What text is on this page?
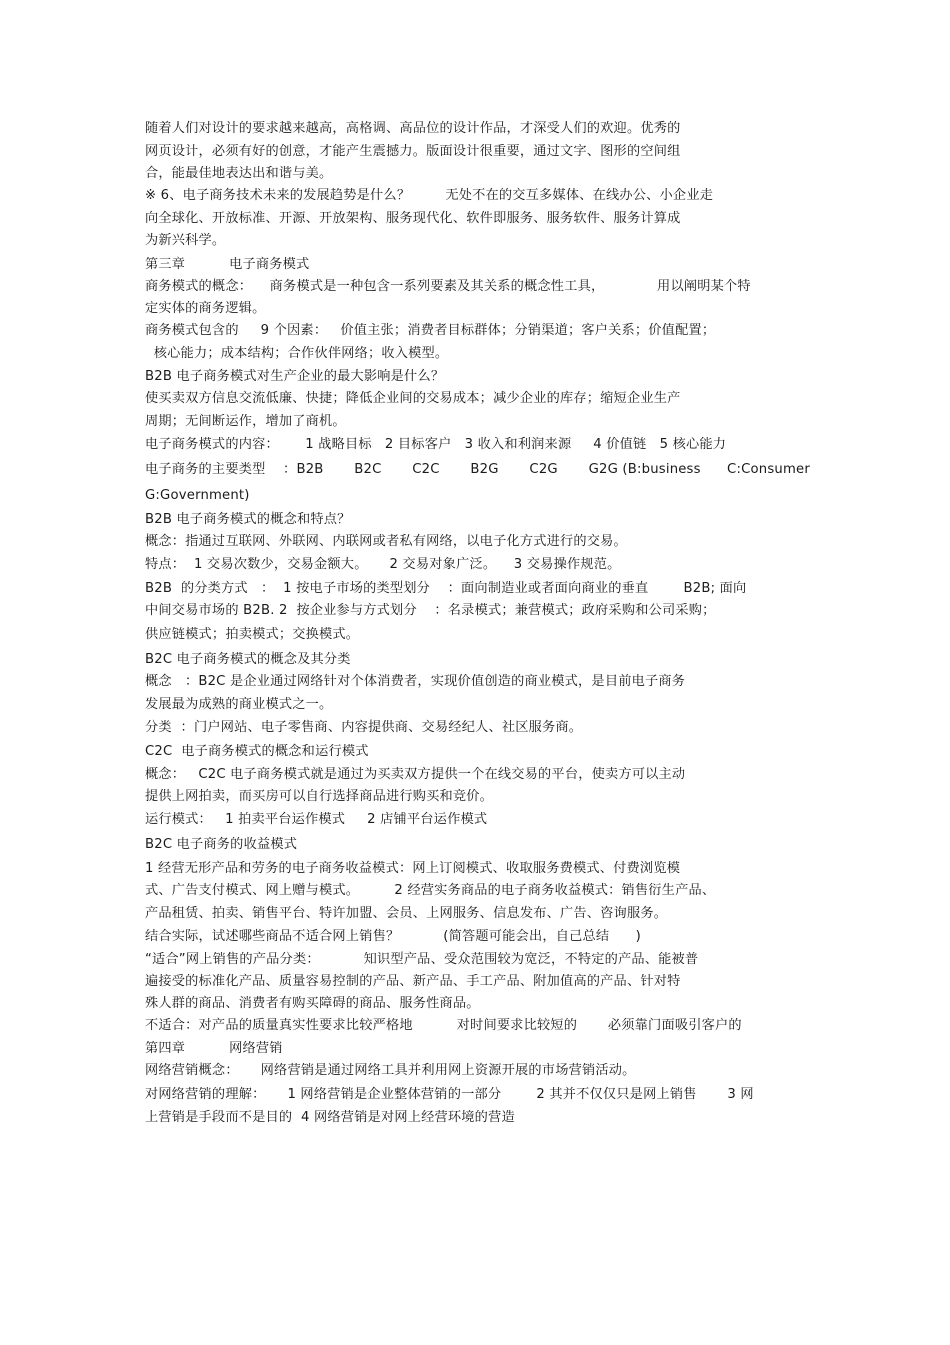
随着人们对设计的要求越来越高，高格调、高品位的设计作品，才深受人们的欢迎。优秀的
网页设计，必须有好的创意，才能产生震撼力。版面设计很重要，通过文字、图形的空间组
合，能最佳地表达出和谐与美。
※ 6、电子商务技术未来的发展趋势是什么？        无处不在的交互多媒体、在线办公、小企业走
向全球化、开放标准、开源、开放架构、服务现代化、软件即服务、服务软件、服务计算成
为新兴科学。
第三章          电子商务模式
商务模式的概念：    商务模式是一种包含一系列要素及其关系的概念性工具，            用以阐明某个特
定实体的商务逻辑。
商务模式包含的     9 个因素：   价值主张；消费者目标群体；分销渠道；客户关系；价值配置；
核心能力；成本结构；合作伙伴网络；收入模型。
B2B 电子商务模式对生产企业的最大影响是什么？
使买卖双方信息交流低廉、快捷；降低企业间的交易成本；减少企业的库存；缩短企业生产
周期；无间断运作，增加了商机。
电子商务模式的内容：      1 战略目标   2 目标客户   3 收入和利润来源     4 价值链   5 核心能力
电子商务的主要类型    ：B2B       B2C       C2C       B2G       C2G       G2G (B:business      C:Consumer
G:Government)
B2B 电子商务模式的概念和特点？
概念：指通过互联网、外联网、内联网或者私有网络，以电子化方式进行的交易。
特点：  1 交易次数少，交易金额大。     2 交易对象广泛。    3 交易操作规范。
B2B  的分类方式   ：  1 按电子市场的类型划分    ：面向制造业或者面向商业的垂直        B2B; 面向
中间交易市场的 B2B. 2  按企业参与方式划分    ：名录模式；兼营模式；政府采购和公司采购；
供应链模式；拍卖模式；交换模式。
B2C 电子商务模式的概念及其分类
概念   ：B2C 是企业通过网络针对个体消费者，实现价值创造的商业模式，是目前电子商务
发展最为成熟的商业模式之一。
分类  ：门户网站、电子零售商、内容提供商、交易经纪人、社区服务商。
C2C  电子商务模式的概念和运行模式
概念：   C2C 电子商务模式就是通过为买卖双方提供一个在线交易的平台，使卖方可以主动
提供上网拍卖，而买房可以自行选择商品进行购买和竞价。
运行模式：   1 拍卖平台运作模式     2 店铺平台运作模式
B2C 电子商务的收益模式
1 经营无形产品和劳务的电子商务收益模式：网上订阅模式、收取服务费模式、付费浏览模
式、广告支付模式、网上赠与模式。        2 经营实务商品的电子商务收益模式：销售衍生产品、
产品租赁、拍卖、销售平台、特许加盟、会员、上网服务、信息发布、广告、咨询服务。
结合实际，试述哪些商品不适合网上销售？          (简答题可能会出，自己总结      )
“适合”网上销售的产品分类：          知识型产品、受众范围较为宽泛，不特定的产品、能被普
遍接受的标准化产品、质量容易控制的产品、新产品、手工产品、附加值高的产品、针对特
殊人群的商品、消费者有购买障碍的商品、服务性商品。
不适合：对产品的质量真实性要求比较严格地          对时间要求比较短的       必须靠门面吸引客户的
第四章          网络营销
网络营销概念：     网络营销是通过网络工具并利用网上资源开展的市场营销活动。
对网络营销的理解：     1 网络营销是企业整体营销的一部分        2 其并不仅仅只是网上销售       3 网
上营销是手段而不是目的  4 网络营销是对网上经营环境的营造
